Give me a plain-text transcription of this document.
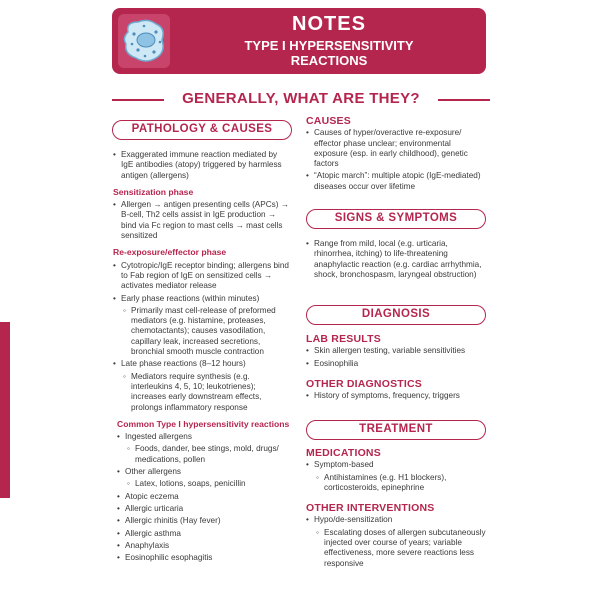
NOTES
TYPE I HYPERSENSITIVITY
REACTIONS
GENERALLY, WHAT ARE THEY?
PATHOLOGY & CAUSES
• Exaggerated immune reaction mediated by IgE antibodies (atopy) triggered by harmless antigen (allergens)
Sensitization phase
• Allergen → antigen presenting cells (APCs) → B-cell, Th2 cells assist in IgE production → bind via Fc region to mast cells → mast cells sensitized
Re-exposure/effector phase
• Cytotropic/IgE receptor binding; allergens bind to Fab region of IgE on sensitized cells → activates mediator release
• Early phase reactions (within minutes)
◦ Primarily mast cell-release of preformed mediators (e.g. histamine, proteases, chemotactants); causes vasodilation, capillary leak, increased secretions, bronchial smooth muscle contraction
• Late phase reactions (8–12 hours)
◦ Mediators require synthesis (e.g. interleukins 4, 5, 10; leukotrienes); increases early downstream effects, prolongs inflammatory response
Common Type I hypersensitivity reactions
• Ingested allergens
◦ Foods, dander, bee stings, mold, drugs/ medications, pollen
• Other allergens
◦ Latex, lotions, soaps, penicillin
• Atopic eczema
• Allergic urticaria
• Allergic rhinitis (Hay fever)
• Allergic asthma
• Anaphylaxis
• Eosinophilic esophagitis
CAUSES
• Causes of hyper/overactive re-exposure/ effector phase unclear; environmental exposure (esp. in early childhood), genetic factors
• “Atopic march”: multiple atopic (IgE-mediated) diseases occur over lifetime
SIGNS & SYMPTOMS
• Range from mild, local (e.g. urticaria, rhinorrhea, itching) to life-threatening anaphylactic reaction (e.g. cardiac arrhythmia, shock, bronchospasm, laryngeal obstruction)
DIAGNOSIS
LAB RESULTS
• Skin allergen testing, variable sensitivities
• Eosinophilia
OTHER DIAGNOSTICS
• History of symptoms, frequency, triggers
TREATMENT
MEDICATIONS
• Symptom-based
◦ Antihistamines (e.g. H1 blockers), corticosteroids, epinephrine
OTHER INTERVENTIONS
• Hypo/de-sensitization
◦ Escalating doses of allergen subcutaneously injected over course of years; variable effectiveness, more severe reactions less responsive
